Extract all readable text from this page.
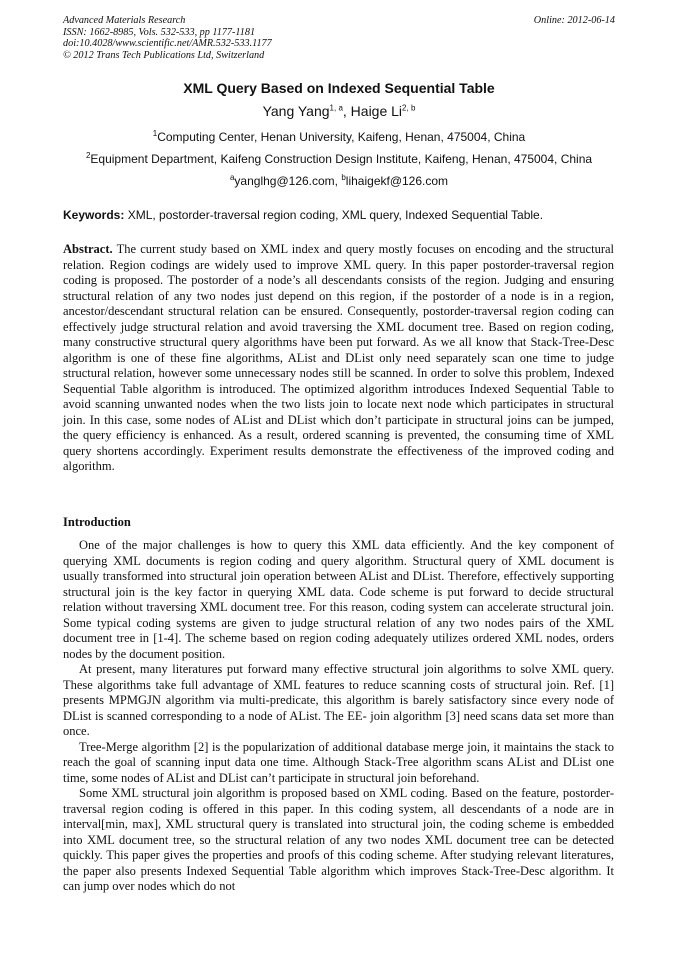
Advanced Materials Research
ISSN: 1662-8985, Vols. 532-533, pp 1177-1181
doi:10.4028/www.scientific.net/AMR.532-533.1177
© 2012 Trans Tech Publications Ltd, Switzerland
Online: 2012-06-14
XML Query Based on Indexed Sequential Table
Yang Yang$^{1, a}$, Haige Li$^{2, b}$
$^1$Computing Center, Henan University, Kaifeng, Henan, 475004, China
$^2$Equipment Department, Kaifeng Construction Design Institute, Kaifeng, Henan, 475004, China
$^a$yanglhg@126.com, $^b$lihaigekf@126.com
Keywords: XML, postorder-traversal region coding, XML query, Indexed Sequential Table.
Abstract. The current study based on XML index and query mostly focuses on encoding and the structural relation. Region codings are widely used to improve XML query. In this paper postorder-traversal region coding is proposed. The postorder of a node’s all descendants consists of the region. Judging and ensuring structural relation of any two nodes just depend on this region, if the postorder of a node is in a region, ancestor/descendant structural relation can be ensured. Consequently, postorder-traversal region coding can effectively judge structural relation and avoid traversing the XML document tree. Based on region coding, many constructive structural query algorithms have been put forward. As we all know that Stack-Tree-Desc algorithm is one of these fine algorithms, AList and DList only need separately scan one time to judge structural relation, however some unnecessary nodes still be scanned. In order to solve this problem, Indexed Sequential Table algorithm is introduced. The optimized algorithm introduces Indexed Sequential Table to avoid scanning unwanted nodes when the two lists join to locate next node which participates in structural join. In this case, some nodes of AList and DList which don’t participate in structural joins can be jumped, the query efficiency is enhanced. As a result, ordered scanning is prevented, the consuming time of XML query shortens accordingly. Experiment results demonstrate the effectiveness of the improved coding and algorithm.
Introduction

One of the major challenges is how to query this XML data efficiently. And the key component of querying XML documents is region coding and query algorithm. Structural query of XML document is usually transformed into structural join operation between AList and DList. Therefore, effectively supporting structural join is the key factor in querying XML data. Code scheme is put forward to decide structural relation without traversing XML document tree. For this reason, coding system can accelerate structural join. Some typical coding systems are given to judge structural relation of any two nodes pairs of the XML document tree in [1-4]. The scheme based on region coding adequately utilizes ordered XML nodes, orders nodes by the document position.

At present, many literatures put forward many effective structural join algorithms to solve XML query. These algorithms take full advantage of XML features to reduce scanning costs of structural join. Ref. [1] presents MPMGJN algorithm via multi-predicate, this algorithm is barely satisfactory since every node of DList is scanned corresponding to a node of AList. The EE- join algorithm [3] need scans data set more than once.

Tree-Merge algorithm [2] is the popularization of additional database merge join, it maintains the stack to reach the goal of scanning input data one time. Although Stack-Tree algorithm scans AList and DList one time, some nodes of AList and DList can’t participate in structural join beforehand.

Some XML structural join algorithm is proposed based on XML coding. Based on the feature, postorder-traversal region coding is offered in this paper. In this coding system, all descendants of a node are in interval[min, max], XML structural query is translated into structural join, the coding scheme is embedded into XML document tree, so the structural relation of any two nodes XML document tree can be detected quickly. This paper gives the properties and proofs of this coding scheme. After studying relevant literatures, the paper also presents Indexed Sequential Table algorithm which improves Stack-Tree-Desc algorithm. It can jump over nodes which do not
